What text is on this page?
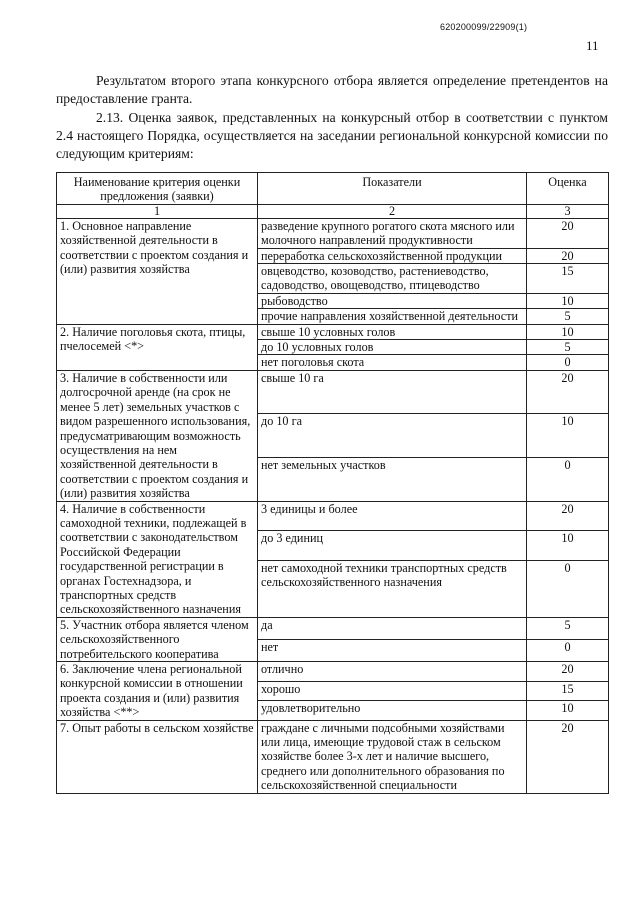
620200099/22909(1)
11
Результатом второго этапа конкурсного отбора является определение претендентов на предоставление гранта.
2.13. Оценка заявок, представленных на конкурсный отбор в соответствии с пунктом 2.4 настоящего Порядка, осуществляется на заседании региональной конкурсной комиссии по следующим критериям:
Наименование критерия оценки предложения (заявки)	Показатели	Оценка
1	2	3
1. Основное направление хозяйственной деятельности в соответствии с проектом создания и (или) развития хозяйства	разведение крупного рогатого скота мясного или молочного направлений продуктивности	20
	переработка сельскохозяйственной продукции	20
	овцеводство, козоводство, растениеводство, садоводство, овощеводство, птицеводство	15
	рыбоводство	10
	прочие направления хозяйственной деятельности	5
2. Наличие поголовья скота, птицы, пчелосемей <*>	свыше 10 условных голов	10
	до 10 условных голов	5
	нет поголовья скота	0
3. Наличие в собственности или долгосрочной аренде (на срок не менее 5 лет) земельных участков с видом разрешенного использования, предусматривающим возможность осуществления на нем хозяйственной деятельности в соответствии с проектом создания и (или) развития хозяйства	свыше 10 га	20
	до 10 га	10
	нет земельных участков	0
4. Наличие в собственности самоходной техники, подлежащей в соответствии с законодательством Российской Федерации государственной регистрации в органах Гостехнадзора, и транспортных средств сельскохозяйственного назначения	3 единицы и более	20
	до 3 единиц	10
	нет самоходной техники транспортных средств сельскохозяйственного назначения	0
5. Участник отбора является членом сельскохозяйственного потребительского кооператива	да	5
	нет	0
6. Заключение члена региональной конкурсной комиссии в отношении проекта создания и (или) развития хозяйства <**>	отлично	20
	хорошо	15
	удовлетворительно	10
7. Опыт работы в сельском хозяйстве	граждане с личными подсобными хозяйствами или лица, имеющие трудовой стаж в сельском хозяйстве более 3-х лет и наличие высшего, среднего или дополнительного образования по сельскохозяйственной специальности	20
